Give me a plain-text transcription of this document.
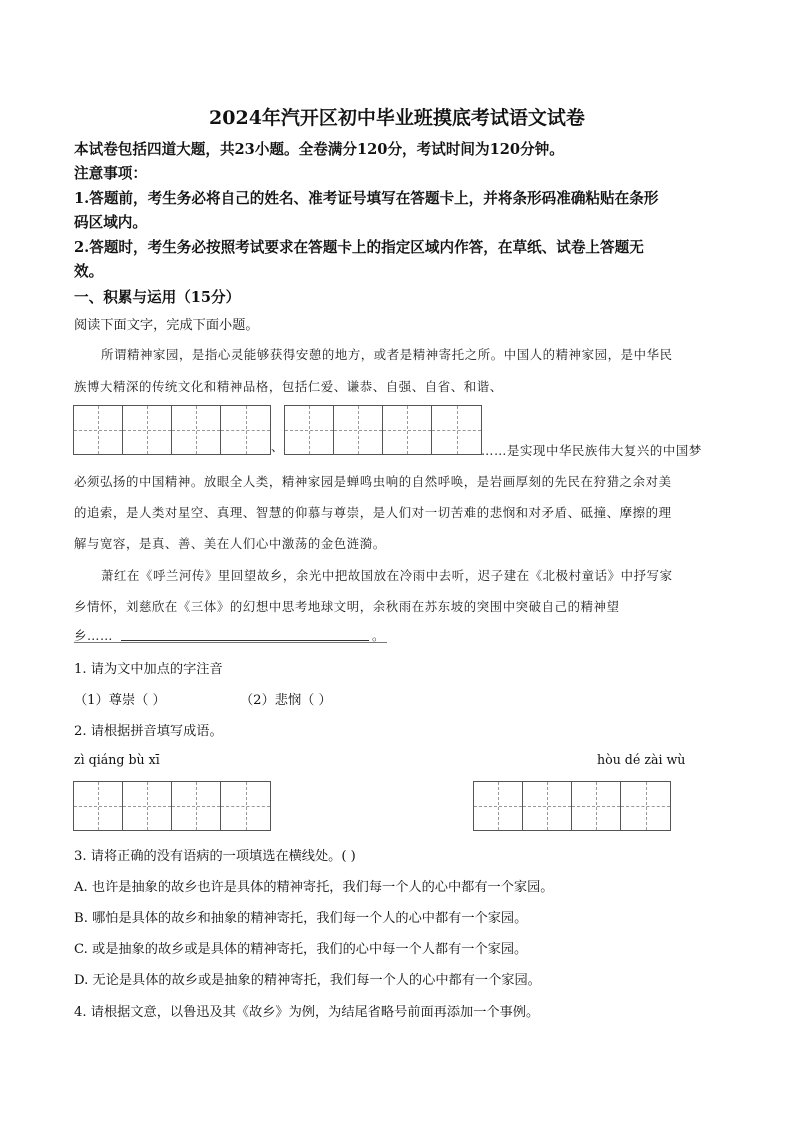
2024年汽开区初中毕业班摸底考试语文试卷
本试卷包括四道大题，共23小题。全卷满分120分，考试时间为120分钟。
注意事项：
1.答题前，考生务必将自己的姓名、准考证号填写在答题卡上，并将条形码准确粘贴在条形
码区域内。
2.答题时，考生务必按照考试要求在答题卡上的指定区域内作答，在草纸、试卷上答题无
效。
一、积累与运用（15分）
阅读下面文字，完成下面小题。
所谓精神家园，是指心灵能够获得安憩的地方，或者是精神寄托之所。中国人的精神家园，是中华民
族博大精深的传统文化和精神品格，包括仁爱、谦恭、自强、自省、和谐、
、	……是实现中华民族伟大复兴的中国梦
必须弘扬的中国精神。放眼全人类，精神家园是蝉鸣虫响的自然呼唤，是岩画厚刻的先民在狩猎之余对美
的追索，是人类对星空、真理、智慧的仰慕与尊崇，是人们对一切苦难的悲悯和对矛盾、砥撞、摩擦的理
解与宽容，是真、善、美在人们心中激荡的金色涟漪。
萧红在《呼兰河传》里回望故乡，余光中把故国放在冷雨中去听，迟子建在《北极村童话》中抒写家
乡情怀，刘慈欣在《三体》的幻想中思考地球文明，余秋雨在苏东坡的突围中突破自己的精神望
乡……	。
1. 请为文中加点的字注音
（1）尊崇（ ）	（2）悲悯（ ）
2. 请根据拼音填写成语。
zì qiáng bù xī	hòu dé zài wù
3. 请将正确的没有语病的一项填选在横线处。( )
A. 也许是抽象的故乡也许是具体的精神寄托，我们每一个人的心中都有一个家园。
B. 哪怕是具体的故乡和抽象的精神寄托，我们每一个人的心中都有一个家园。
C. 或是抽象的故乡或是具体的精神寄托，我们的心中每一个人都有一个家园。
D. 无论是具体的故乡或是抽象的精神寄托，我们每一个人的心中都有一个家园。
4. 请根据文意，以鲁迅及其《故乡》为例，为结尾省略号前面再添加一个事例。
